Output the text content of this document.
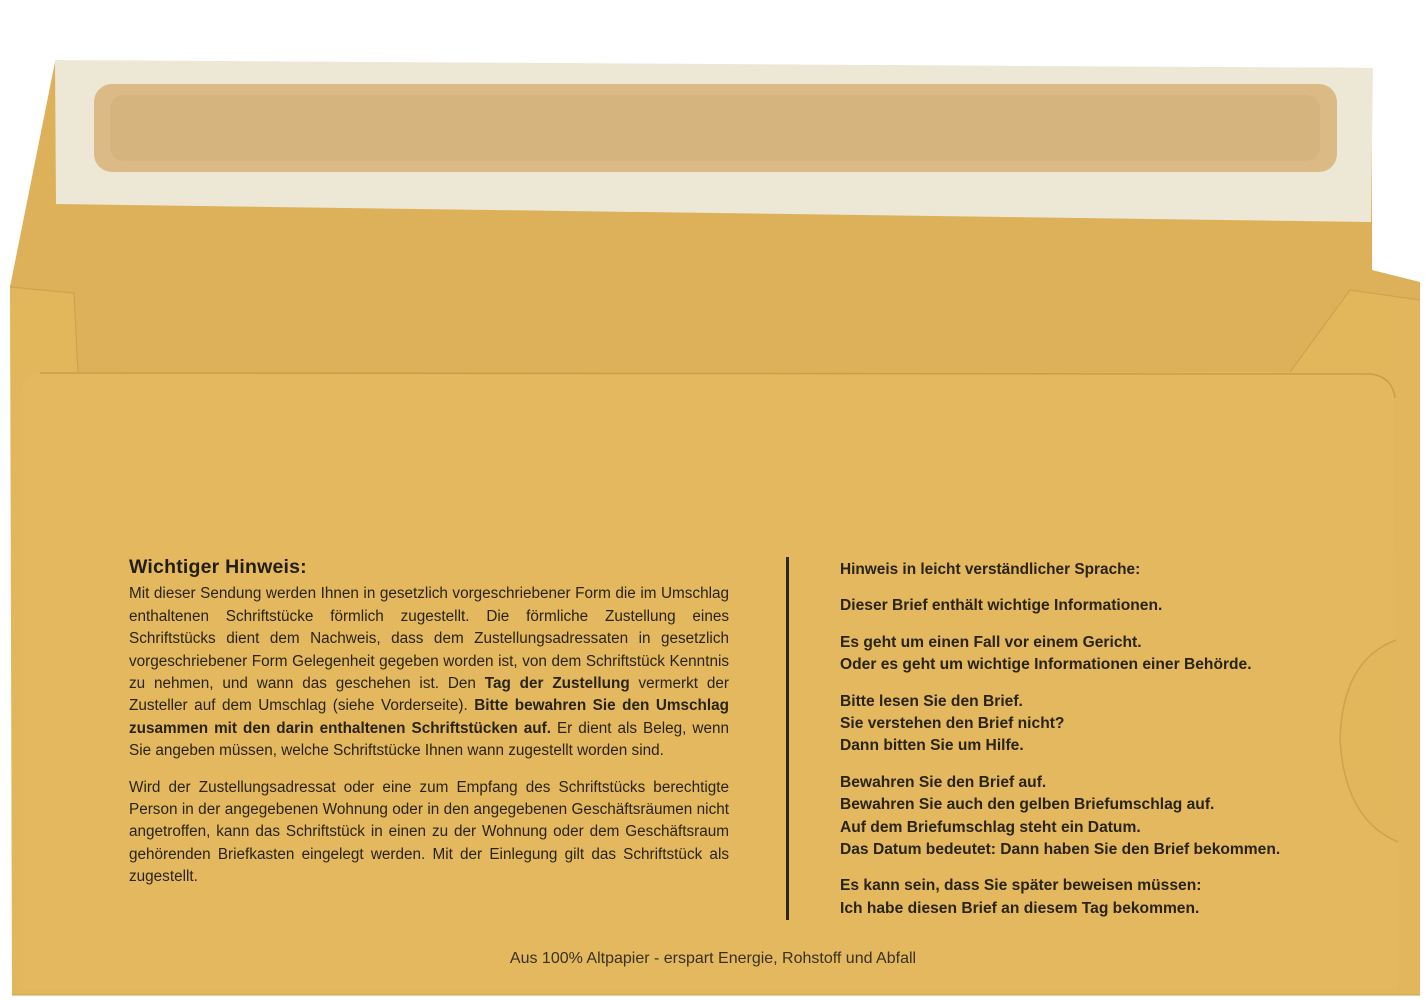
Wichtiger Hinweis:

Mit dieser Sendung werden Ihnen in gesetzlich vorgeschriebener Form die im Umschlag enthaltenen Schriftstücke förmlich zugestellt. Die förmliche Zustellung eines Schriftstücks dient dem Nachweis, dass dem Zustellungsadressaten in gesetzlich vorgeschriebener Form Gelegenheit gegeben worden ist, von dem Schriftstück Kenntnis zu nehmen, und wann das geschehen ist. Den Tag der Zustellung vermerkt der Zusteller auf dem Umschlag (siehe Vorderseite). Bitte bewahren Sie den Umschlag zusammen mit den darin enthaltenen Schriftstücken auf. Er dient als Beleg, wenn Sie angeben müssen, welche Schriftstücke Ihnen wann zugestellt worden sind.

Wird der Zustellungsadressat oder eine zum Empfang des Schriftstücks berechtigte Person in der angegebenen Wohnung oder in den angegebenen Geschäftsräumen nicht angetroffen, kann das Schriftstück in einen zu der Wohnung oder dem Geschäftsraum gehörenden Briefkasten eingelegt werden. Mit der Einlegung gilt das Schriftstück als zugestellt.

Hinweis in leicht verständlicher Sprache:
Dieser Brief enthält wichtige Informationen.
Es geht um einen Fall vor einem Gericht.
Oder es geht um wichtige Informationen einer Behörde.
Bitte lesen Sie den Brief.
Sie verstehen den Brief nicht?
Dann bitten Sie um Hilfe.
Bewahren Sie den Brief auf.
Bewahren Sie auch den gelben Briefumschlag auf.
Auf dem Briefumschlag steht ein Datum.
Das Datum bedeutet: Dann haben Sie den Brief bekommen.
Es kann sein, dass Sie später beweisen müssen:
Ich habe diesen Brief an diesem Tag bekommen.
Aus 100% Altpapier - erspart Energie, Rohstoff und Abfall
